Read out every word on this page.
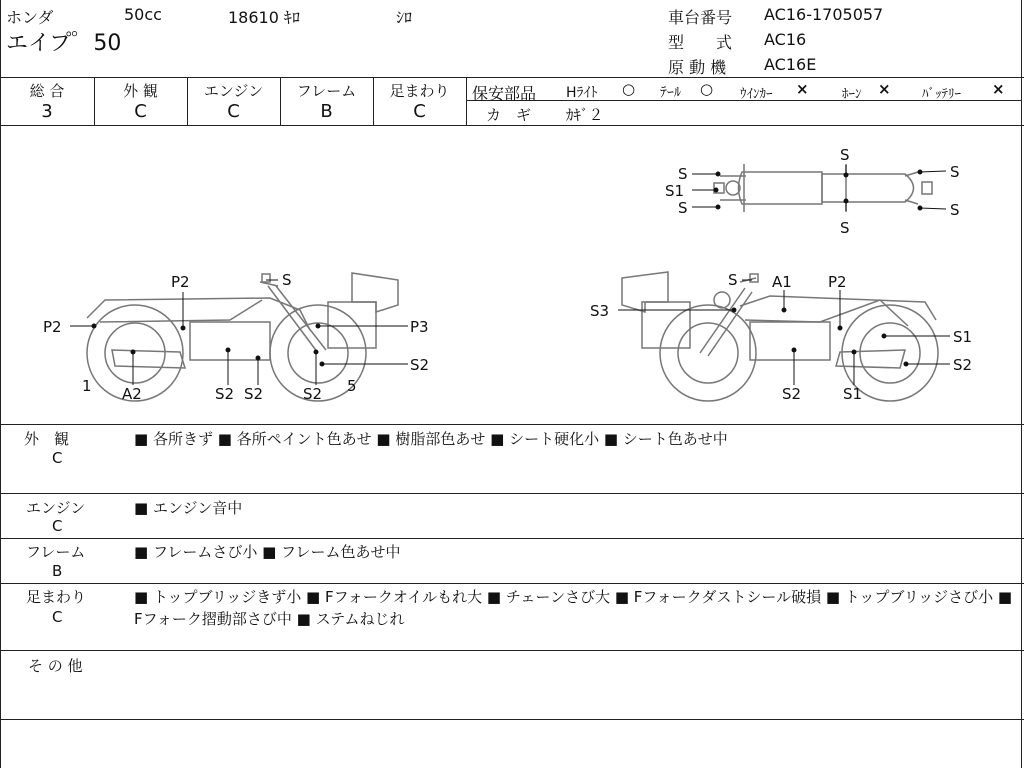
ホンダ	50cc	18610 ｷﾛ	ｼﾛ
エイプ゜50
車台番号 AC16-1705057
型　　式 AC16
原 動 機 AC16E
総 合
3
外 観
C
エンジン
C
フレーム
B
足まわり
C
保安部品 Hﾗｲﾄ ○ ﾃｰﾙ ○ ｳｲﾝｶｰ ×	ﾎｰﾝ × ﾊﾞｯﾃﾘｰ ×
カ　ギ ｶｷﾞ２
S
S1
S
S
S
S
S
S
P2
P2	P3
S2
1 A2	S2 S2	S2 5
S A1 P2
S3
S1
S2
S2	S1
外　観
C
■ 各所きず ■ 各所ペイント色あせ ■ 樹脂部色あせ ■ シート硬化小 ■ シート色あせ中
エンジン
C
■ エンジン音中
フレーム
B
■ フレームさび小 ■ フレーム色あせ中
足まわり
C
■ トップブリッジきず小 ■ Fフォークオイルもれ大 ■ チェーンさび大 ■ Fフォークダストシール破損 ■ トップブリッジさび小 ■ Fフォーク摺動部さび中 ■ ステムねじれ
そ の 他
